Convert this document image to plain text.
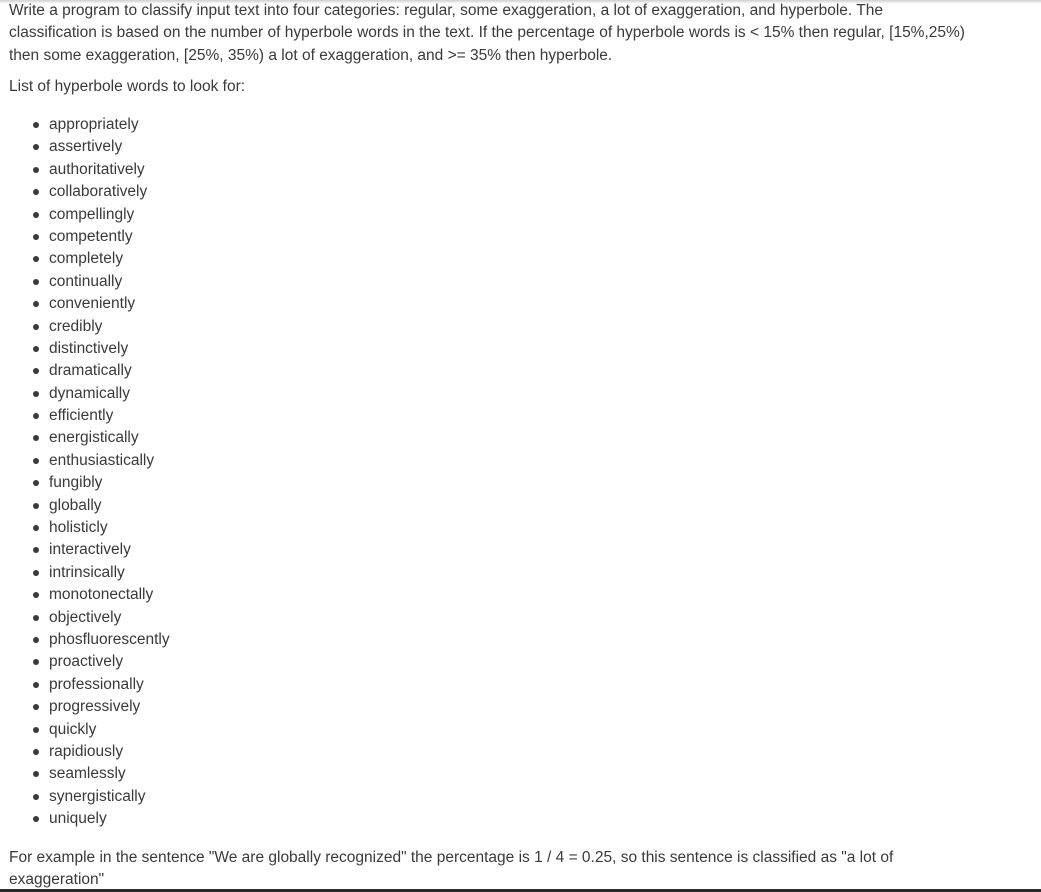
Write a program to classify input text into four categories: regular, some exaggeration, a lot of exaggeration, and hyperbole. The
classification is based on the number of hyperbole words in the text. If the percentage of hyperbole words is < 15% then regular, [15%,25%)
then some exaggeration, [25%, 35%) a lot of exaggeration, and >= 35% then hyperbole.

List of hyperbole words to look for:

appropriately
assertively
authoritatively
collaboratively
compellingly
competently
completely
continually
conveniently
credibly
distinctively
dramatically
dynamically
efficiently
energistically
enthusiastically
fungibly
globally
holisticly
interactively
intrinsically
monotonectally
objectively
phosfluorescently
proactively
professionally
progressively
quickly
rapidiously
seamlessly
synergistically
uniquely

For example in the sentence "We are globally recognized" the percentage is 1 / 4 = 0.25, so this sentence is classified as "a lot of
exaggeration"
